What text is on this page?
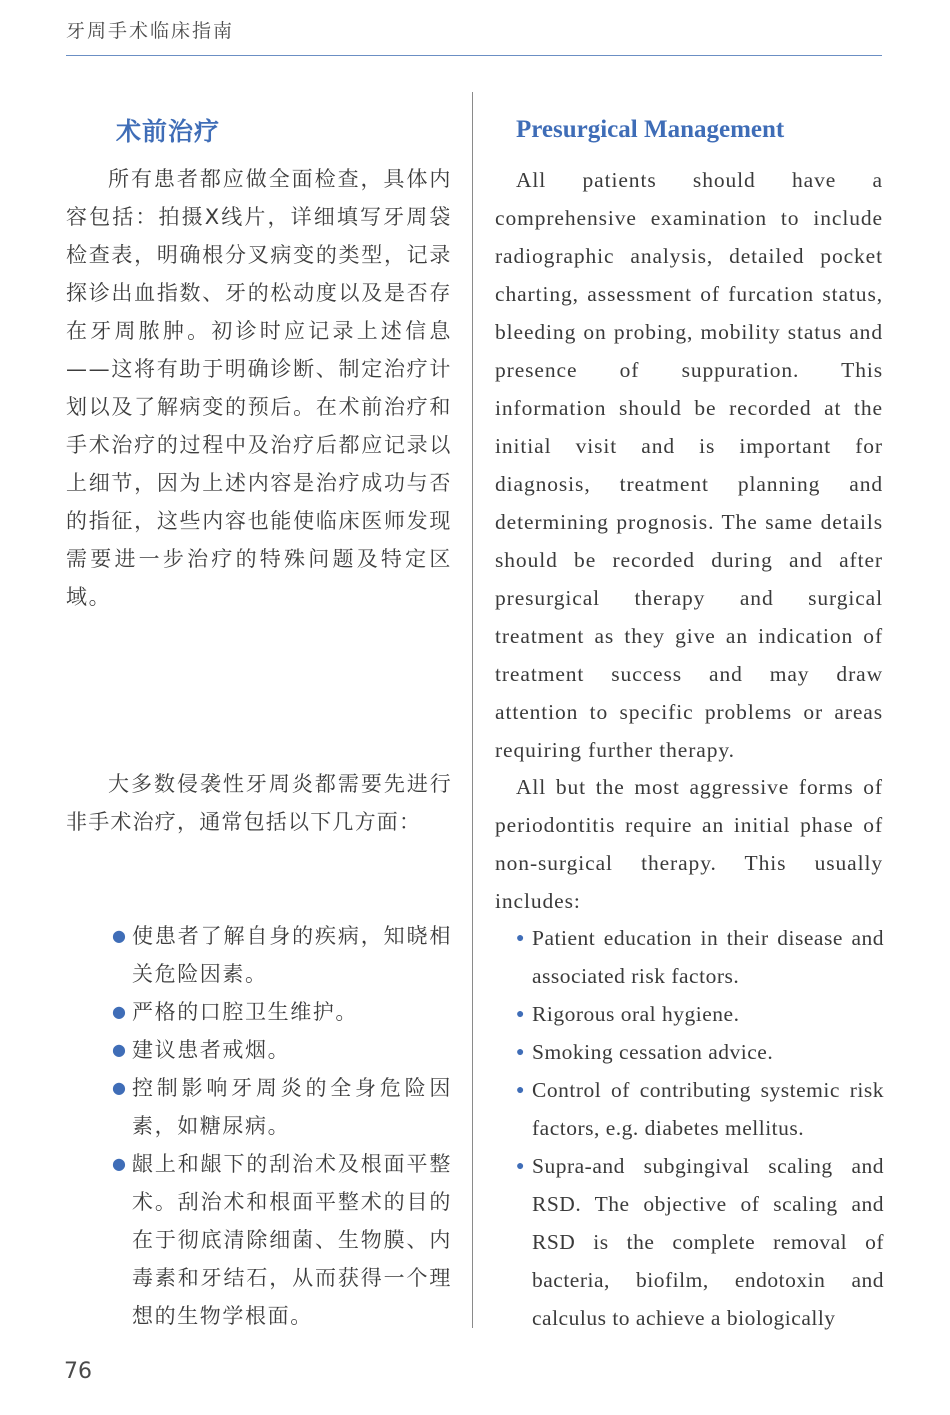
牙周手术临床指南
术前治疗

所有患者都应做全面检查，具体内容包括：拍摄X线片，详细填写牙周袋检查表，明确根分叉病变的类型，记录探诊出血指数、牙的松动度以及是否存在牙周脓肿。初诊时应记录上述信息——这将有助于明确诊断、制定治疗计划以及了解病变的预后。在术前治疗和手术治疗的过程中及治疗后都应记录以上细节，因为上述内容是治疗成功与否的指征，这些内容也能使临床医师发现需要进一步治疗的特殊问题及特定区域。

大多数侵袭性牙周炎都需要先进行非手术治疗，通常包括以下几方面：

● 使患者了解自身的疾病，知晓相关危险因素。
● 严格的口腔卫生维护。
● 建议患者戒烟。
● 控制影响牙周炎的全身危险因素，如糖尿病。
● 龈上和龈下的刮治术及根面平整术。刮治术和根面平整术的目的在于彻底清除细菌、生物膜、内毒素和牙结石，从而获得一个理想的生物学根面。
Presurgical Management

All patients should have a comprehensive examination to include radiographic analysis, detailed pocket charting, assessment of furcation status, bleeding on probing, mobility status and presence of suppuration. This information should be recorded at the initial visit and is important for diagnosis, treatment planning and determining prognosis. The same details should be recorded during and after presurgical therapy and surgical treatment as they give an indication of treatment success and may draw attention to specific problems or areas requiring further therapy.

All but the most aggressive forms of periodontitis require an initial phase of non-surgical therapy. This usually includes:

● Patient education in their disease and associated risk factors.
● Rigorous oral hygiene.
● Smoking cessation advice.
● Control of contributing systemic risk factors, e.g. diabetes mellitus.
● Supra-and subgingival scaling and RSD. The objective of scaling and RSD is the complete removal of bacteria, biofilm, endotoxin and calculus to achieve a biologically
76
